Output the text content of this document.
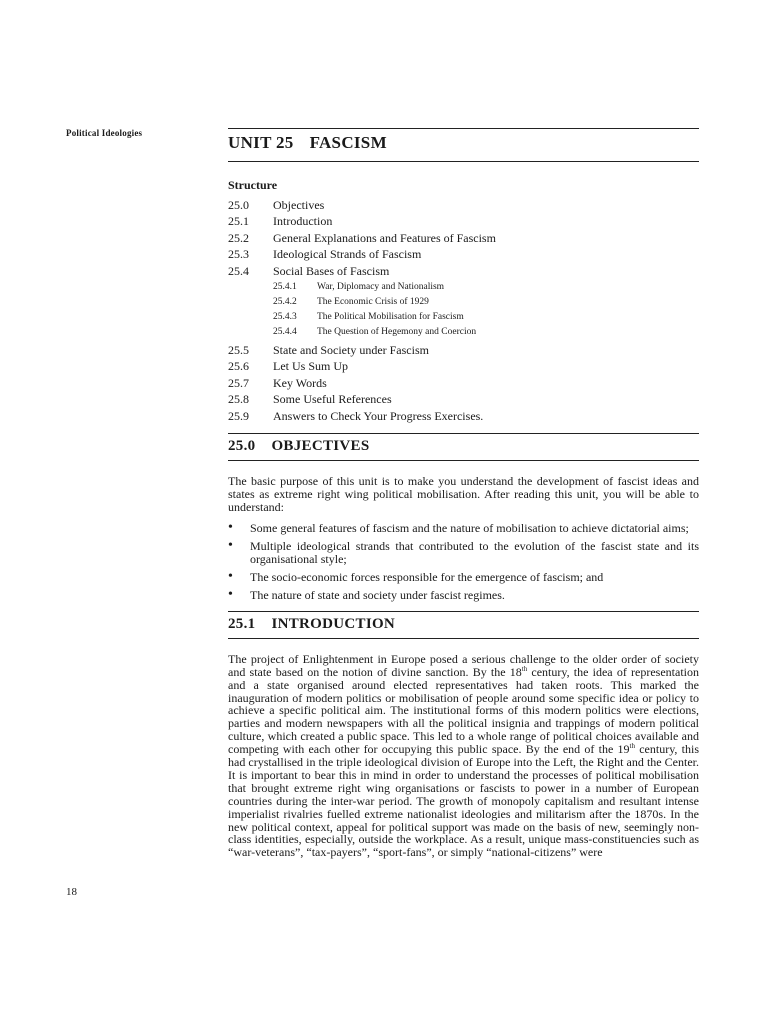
Political Ideologies	UNIT 25 FASCISM
Structure
25.0	Objectives
25.1	Introduction
25.2	General Explanations and Features of Fascism
25.3	Ideological Strands of Fascism
25.4	Social Bases of Fascism
25.4.1	War, Diplomacy and Nationalism
25.4.2	The Economic Crisis of 1929
25.4.3	The Political Mobilisation for Fascism
25.4.4	The Question of Hegemony and Coercion
25.5	State and Society under Fascism
25.6	Let Us Sum Up
25.7	Key Words
25.8	Some Useful References
25.9	Answers to Check Your Progress Exercises.
25.0 OBJECTIVES

The basic purpose of this unit is to make you understand the development of fascist ideas and states as extreme right wing political mobilisation. After reading this unit, you will be able to understand:

•	Some general features of fascism and the nature of mobilisation to achieve dictatorial aims;
•	Multiple ideological strands that contributed to the evolution of the fascist state and its organisational style;
•	The socio-economic forces responsible for the emergence of fascism; and
•	The nature of state and society under fascist regimes.
25.1 INTRODUCTION

The project of Enlightenment in Europe posed a serious challenge to the older order of society and state based on the notion of divine sanction. By the 18th century, the idea of representation and a state organised around elected representatives had taken roots. This marked the inauguration of modern politics or mobilisation of people around some specific idea or policy to achieve a specific political aim. The institutional forms of this modern politics were elections, parties and modern newspapers with all the political insignia and trappings of modern political culture, which created a public space. This led to a whole range of political choices available and competing with each other for occupying this public space. By the end of the 19th century, this had crystallised in the triple ideological division of Europe into the Left, the Right and the Center. It is important to bear this in mind in order to understand the processes of political mobilisation that brought extreme right wing organisations or fascists to power in a number of European countries during the inter-war period. The growth of monopoly capitalism and resultant intense imperialist rivalries fuelled extreme nationalist ideologies and militarism after the 1870s. In the new political context, appeal for political support was made on the basis of new, seemingly non-class identities, especially, outside the workplace. As a result, unique mass-constituencies such as “war-veterans”, “tax-payers”, “sport-fans”, or simply “national-citizens” were

18
